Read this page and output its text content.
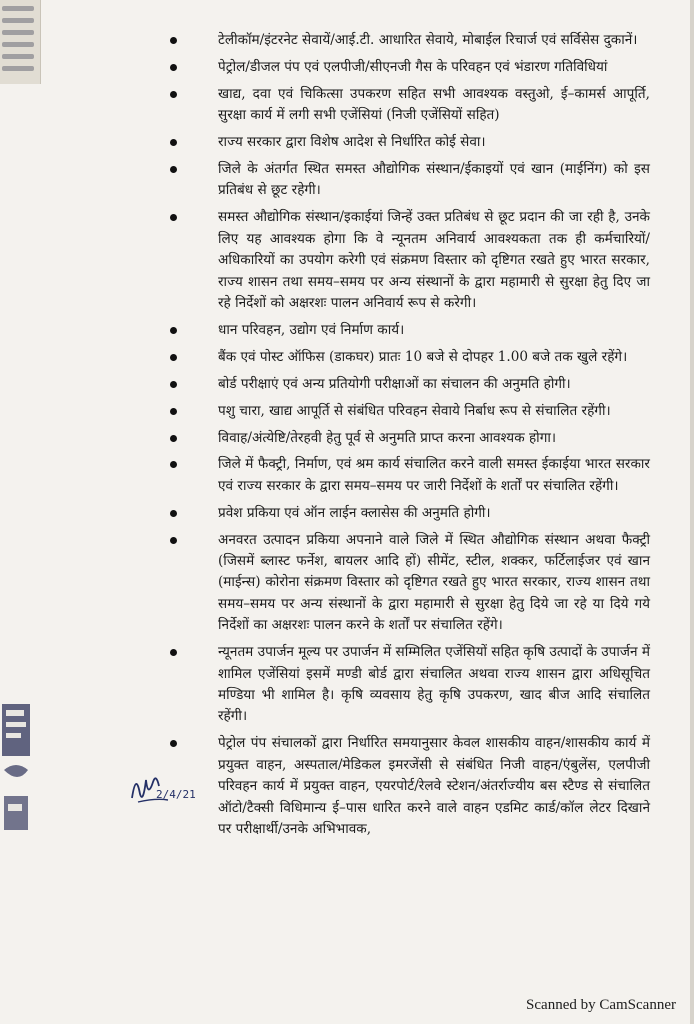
2/4/21
टेलीकॉम/इंटरनेट सेवायें/आई.टी. आधारित सेवाये, मोबाईल रिचार्ज एवं सर्विसेस दुकानें।
पेट्रोल/डीजल पंप एवं एलपीजी/सीएनजी गैस के परिवहन एवं भंडारण गतिविधियां
खाद्य, दवा एवं चिकित्सा उपकरण सहित सभी आवश्यक वस्तुओ, ई–कामर्स आपूर्ति, सुरक्षा कार्य में लगी सभी एजेंसियां (निजी एजेंसियों सहित)
राज्य सरकार द्वारा विशेष आदेश से निर्धारित कोई सेवा।
जिले के अंतर्गत स्थित समस्त औद्योगिक संस्थान/ईकाइयों एवं खान (माईनिंग) को इस प्रतिबंध से छूट रहेगी।
समस्त औद्योगिक संस्थान/इकाईयां जिन्हें उक्त प्रतिबंध से छूट प्रदान की जा रही है, उनके लिए यह आवश्यक होगा कि वे न्यूनतम अनिवार्य आवश्यकता तक ही कर्मचारियों/अधिकारियों का उपयोग करेगी एवं संक्रमण विस्तार को दृष्टिगत रखते हुए भारत सरकार, राज्य शासन तथा समय–समय पर अन्य संस्थानों के द्वारा महामारी से सुरक्षा हेतु दिए जा रहे निर्देशों को अक्षरशः पालन अनिवार्य रूप से करेगी।
धान परिवहन, उद्योग एवं निर्माण कार्य।
बैंक एवं पोस्ट ऑफिस (डाकघर) प्रातः 10 बजे से दोपहर 1.00 बजे तक खुले रहेंगे।
बोर्ड परीक्षाएं एवं अन्य प्रतियोगी परीक्षाओं का संचालन की अनुमति होगी।
पशु चारा, खाद्य आपूर्ति से संबंधित परिवहन सेवाये निर्बाध रूप से संचालित रहेंगी।
विवाह/अंत्येष्टि/तेरहवी हेतु पूर्व से अनुमति प्राप्त करना आवश्यक होगा।
जिले में फैक्ट्री, निर्माण, एवं श्रम कार्य संचालित करने वाली समस्त ईकाईया भारत सरकार एवं राज्य सरकार के द्वारा समय–समय पर जारी निर्देशों के शर्तों पर संचालित रहेंगी।
प्रवेश प्रकिया एवं ऑन लाईन क्लासेस की अनुमति होगी।
अनवरत उत्पादन प्रकिया अपनाने वाले जिले में स्थित औद्योगिक संस्थान अथवा फैक्ट्री (जिसमें ब्लास्ट फर्नेश, बायलर आदि हों) सीमेंट, स्टील, शक्कर, फर्टिलाईजर एवं खान (माईन्स) कोरोना संक्रमण विस्तार को दृष्टिगत रखते हुए भारत सरकार, राज्य शासन तथा समय–समय पर अन्य संस्थानों के द्वारा महामारी से सुरक्षा हेतु दिये जा रहे या दिये गये निर्देशों का अक्षरशः पालन करने के शर्तों पर संचालित रहेंगे।
न्यूनतम उपार्जन मूल्य पर उपार्जन में सम्मिलित एजेंसियों सहित कृषि उत्पादों के उपार्जन में शामिल एजेंसियां इसमें मण्डी बोर्ड द्वारा संचालित अथवा राज्य शासन द्वारा अधिसूचित मण्डिया भी शामिल है। कृषि व्यवसाय हेतु कृषि उपकरण, खाद बीज आदि संचालित रहेंगी।
पेट्रोल पंप संचालकों द्वारा निर्धारित समयानुसार केवल शासकीय वाहन/शासकीय कार्य में प्रयुक्त वाहन, अस्पताल/मेडिकल इमरजेंसी से संबंधित निजी वाहन/एंबुलेंस, एलपीजी परिवहन कार्य में प्रयुक्त वाहन, एयरपोर्ट/रेलवे स्टेशन/अंतर्राज्यीय बस स्टैण्ड से संचालित ऑटो/टैक्सी विधिमान्य ई–पास धारित करने वाले वाहन एडमिट कार्ड/कॉल लेटर दिखाने पर परीक्षार्थी/उनके अभिभावक,
Scanned by CamScanner
